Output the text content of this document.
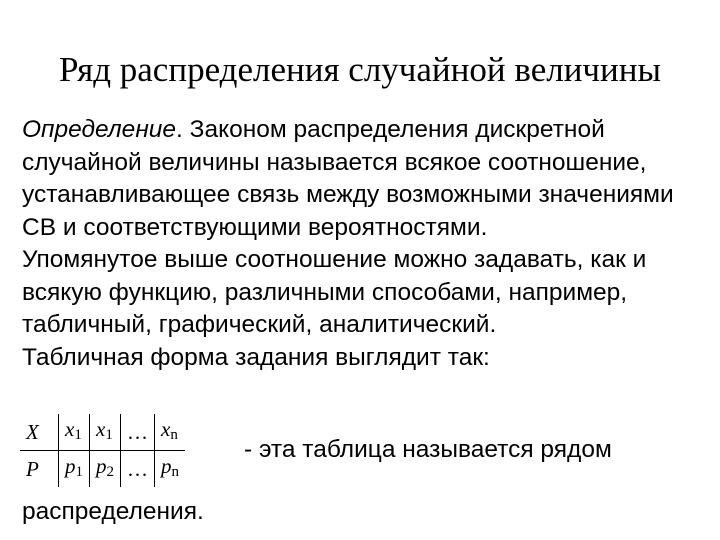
Ряд распределения случайной величины

Определение. Законом распределения дискретной случайной величины называется всякое соотношение, устанавливающее связь между возможными значениями СВ и соответствующими вероятностями.

Упомянутое выше соотношение можно задавать, как и всякую функцию, различными способами, например, табличный, графический, аналитический.

Табличная форма задания выглядит так:

X	$x_1$	$x_1$	…	$x_n$
P	$p_1$	$p_2$	…	$p_n$
- эта таблица называется рядом
распределения.
